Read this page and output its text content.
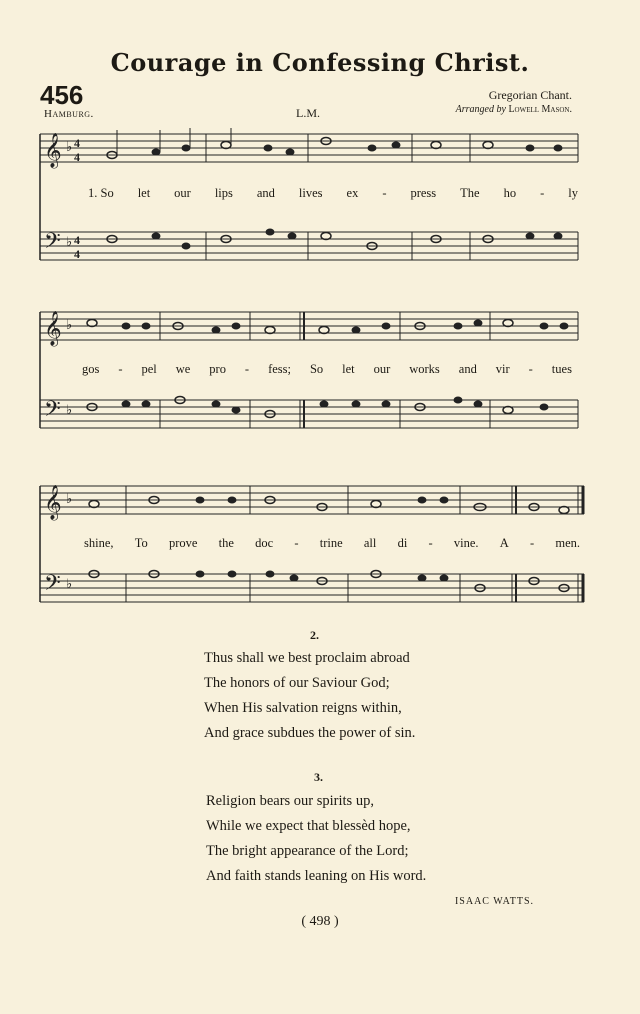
Courage in Confessing Christ.
456
Hamburg.	L.M.
Gregorian Chant.
Arranged by Lowell Mason.
𝄞
𝄢
♭ 4
4
♭ 4
4
1. So let our lips and lives ex - press The ho - ly
𝄞
𝄢
♭
♭
gos - pel we pro - fess; So let our works and vir - tues
𝄞
𝄢
♭
♭
shine, To prove the doc - trine all di - vine. A - men.
2.
Thus shall we best proclaim abroad
The honors of our Saviour God;
When His salvation reigns within,
And grace subdues the power of sin.
3.
Religion bears our spirits up,
While we expect that blessèd hope,
The bright appearance of the Lord;
And faith stands leaning on His word.
ISAAC WATTS.
( 498 )
